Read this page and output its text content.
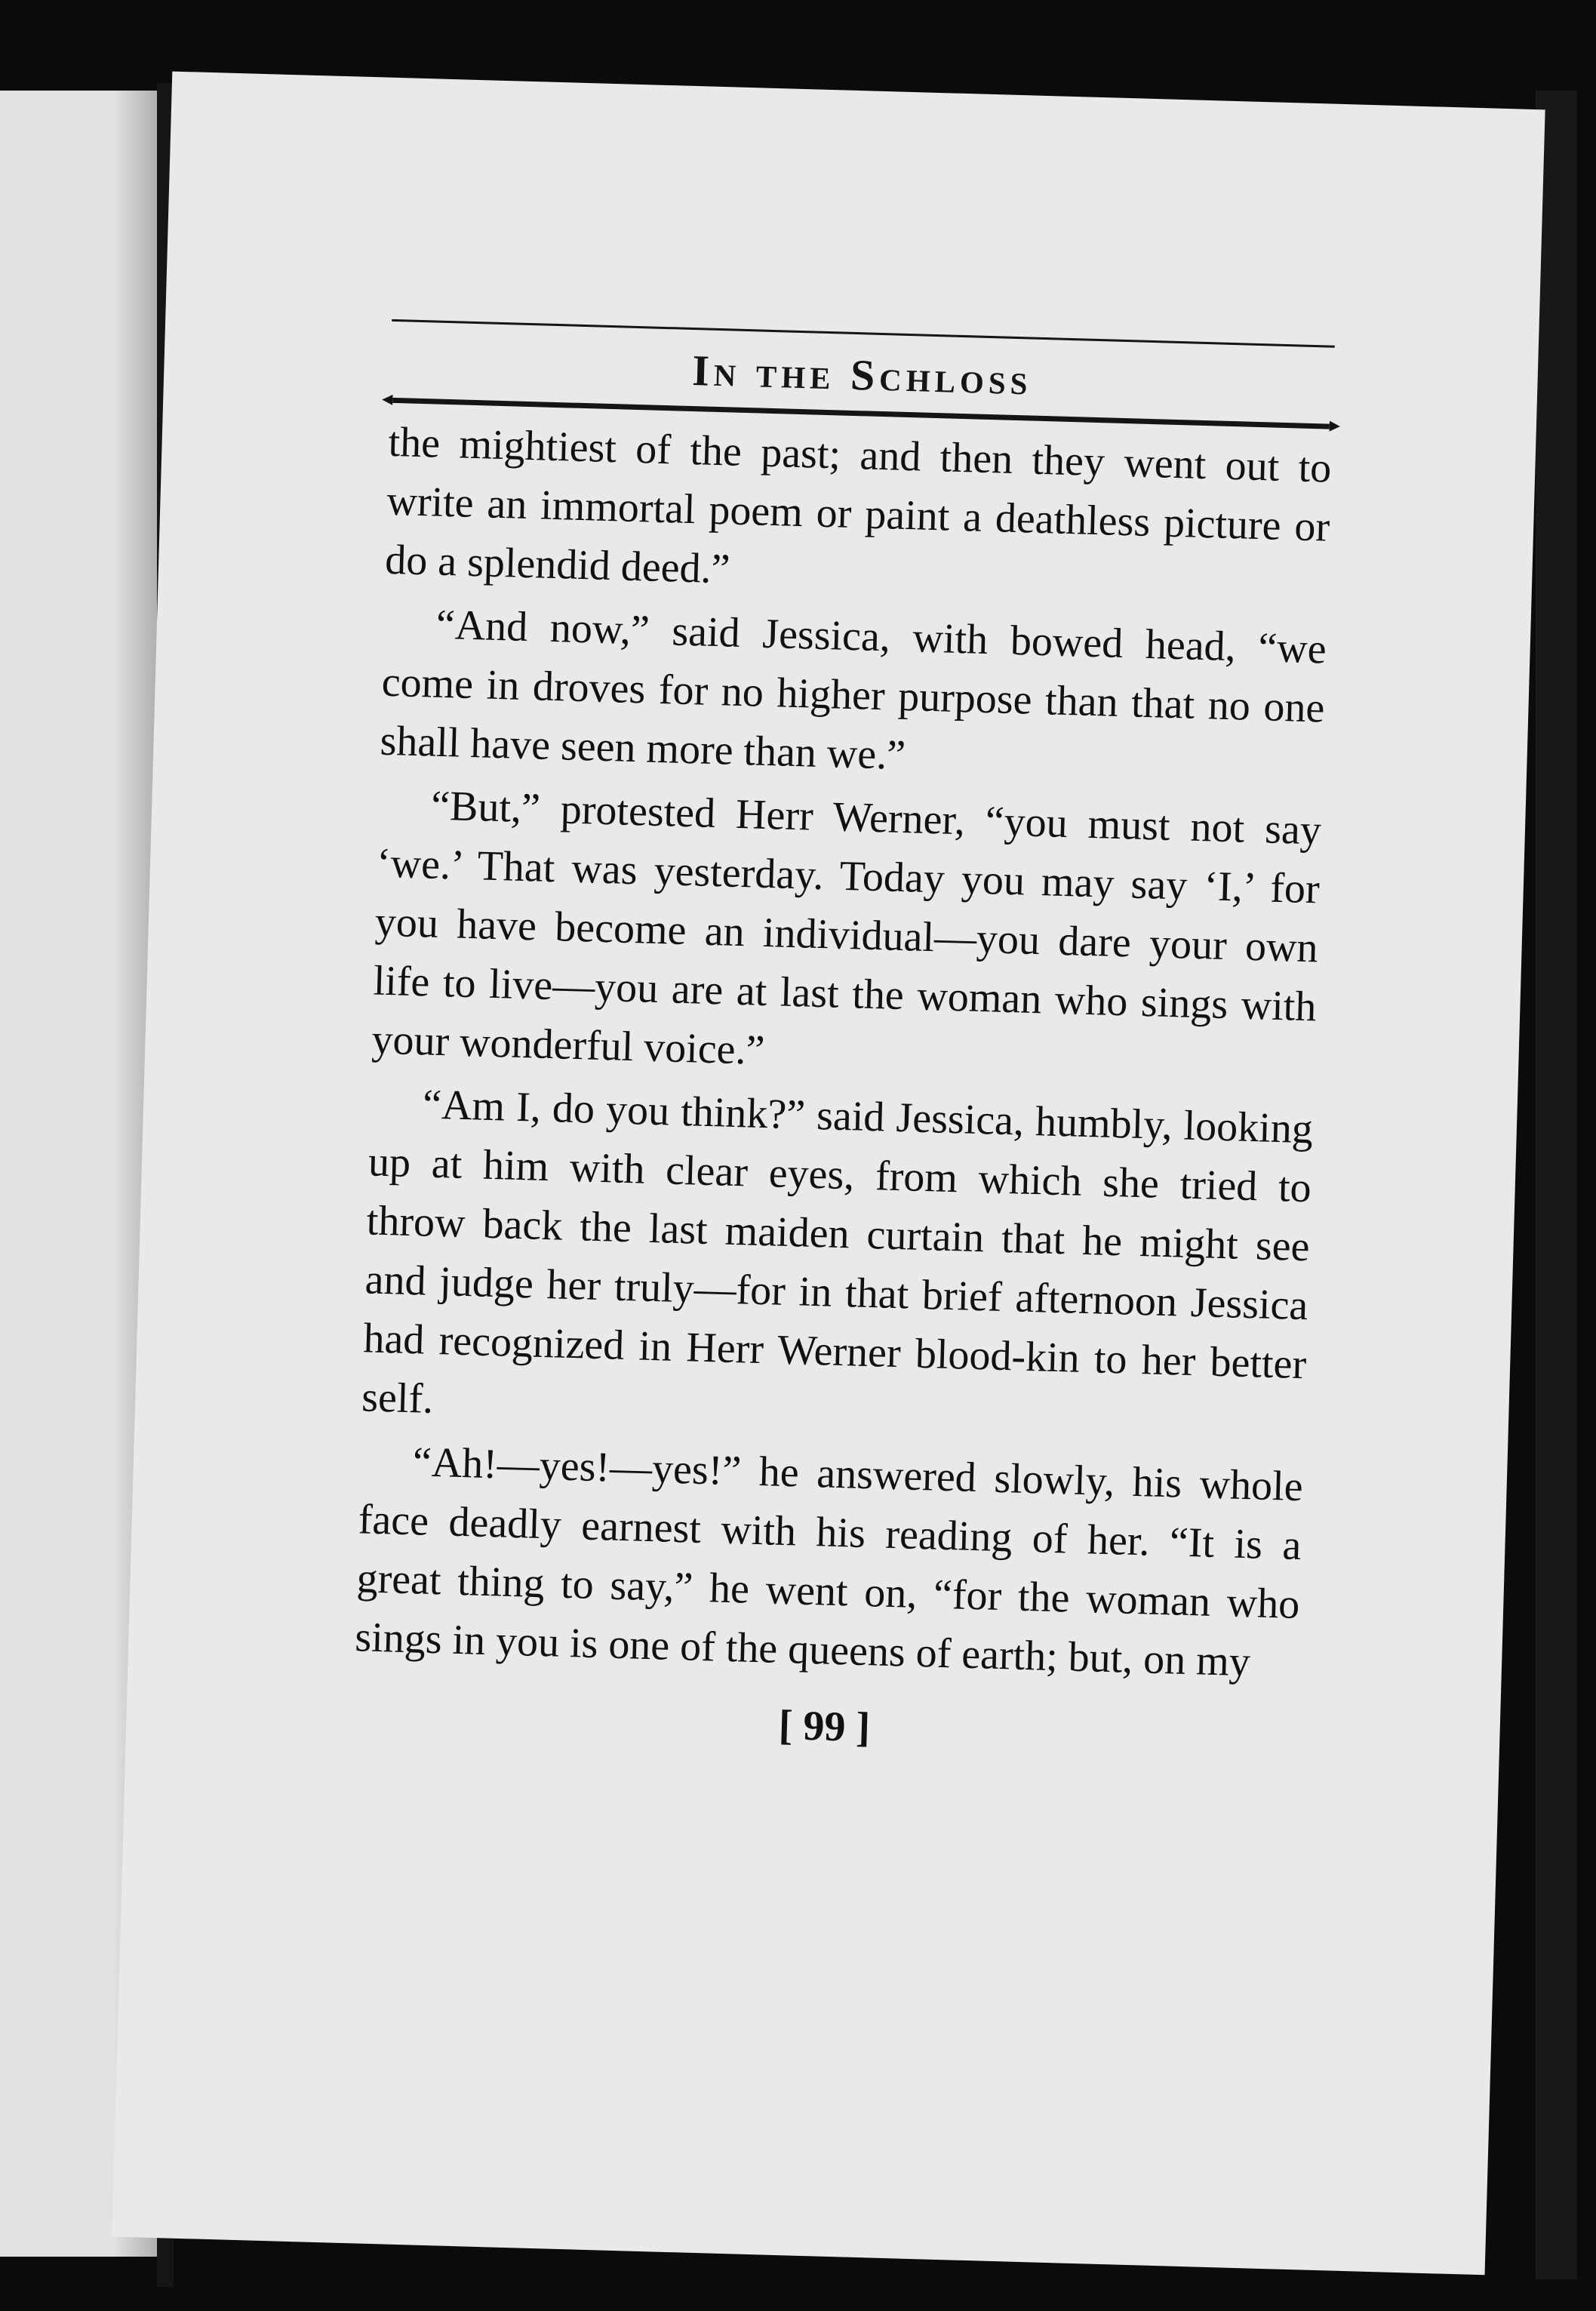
In the Schloss

the mightiest of the past; and then they went out to write an immortal poem or paint a deathless picture or do a splendid deed.”

“And now,” said Jessica, with bowed head, “we come in droves for no higher purpose than that no one shall have seen more than we.”

“But,” protested Herr Werner, “you must not say ‘we.’ That was yesterday. Today you may say ‘I,’ for you have become an individual—you dare your own life to live—you are at last the woman who sings with your wonderful voice.”

“Am I, do you think?” said Jessica, humbly, looking up at him with clear eyes, from which she tried to throw back the last maiden curtain that he might see and judge her truly—for in that brief afternoon Jessica had recognized in Herr Werner blood-kin to her better self.

“Ah!—yes!—yes!” he answered slowly, his whole face deadly earnest with his reading of her. “It is a great thing to say,” he went on, “for the woman who sings in you is one of the queens of earth; but, on my

[ 99 ]
